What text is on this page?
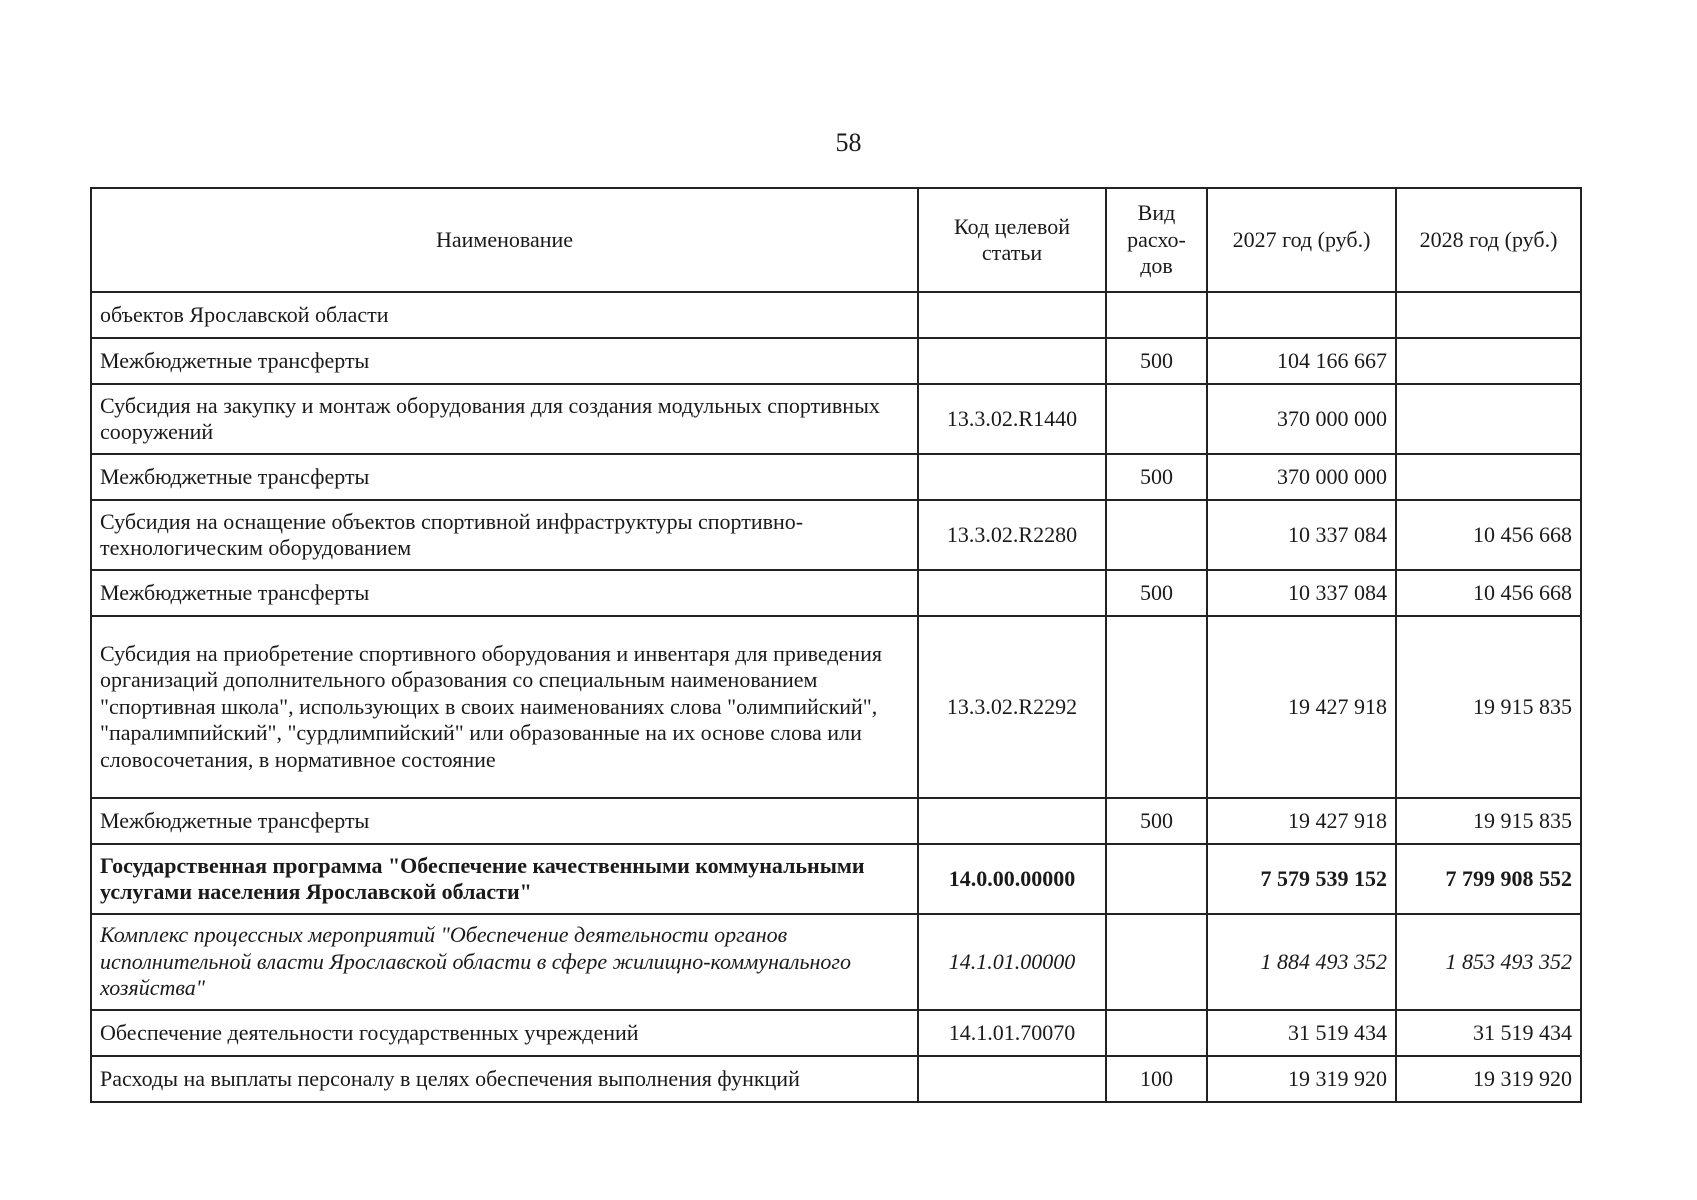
58
Наименование	Код целевой статьи	Вид расхо-дов	2027 год (руб.)	2028 год (руб.)
объектов Ярославской области				
Межбюджетные трансферты		500	104 166 667	
Субсидия на закупку и монтаж оборудования для создания модульных спортивных сооружений	13.3.02.R1440		370 000 000	
Межбюджетные трансферты		500	370 000 000	
Субсидия на оснащение объектов спортивной инфраструктуры спортивно-технологическим оборудованием	13.3.02.R2280		10 337 084	10 456 668
Межбюджетные трансферты		500	10 337 084	10 456 668
Субсидия на приобретение спортивного оборудования и инвентаря для приведения организаций дополнительного образования со специальным наименованием "спортивная школа", использующих в своих наименованиях слова "олимпийский", "паралимпийский", "сурдлимпийский" или образованные на их основе слова или словосочетания, в нормативное состояние	13.3.02.R2292		19 427 918	19 915 835
Межбюджетные трансферты		500	19 427 918	19 915 835
Государственная программа "Обеспечение качественными коммунальными услугами населения Ярославской области"	14.0.00.00000		7 579 539 152	7 799 908 552
Комплекс процессных мероприятий "Обеспечение деятельности органов исполнительной власти Ярославской области в сфере жилищно-коммунального хозяйства"	14.1.01.00000		1 884 493 352	1 853 493 352
Обеспечение деятельности государственных учреждений	14.1.01.70070		31 519 434	31 519 434
Расходы на выплаты персоналу в целях обеспечения выполнения функций		100	19 319 920	19 319 920
